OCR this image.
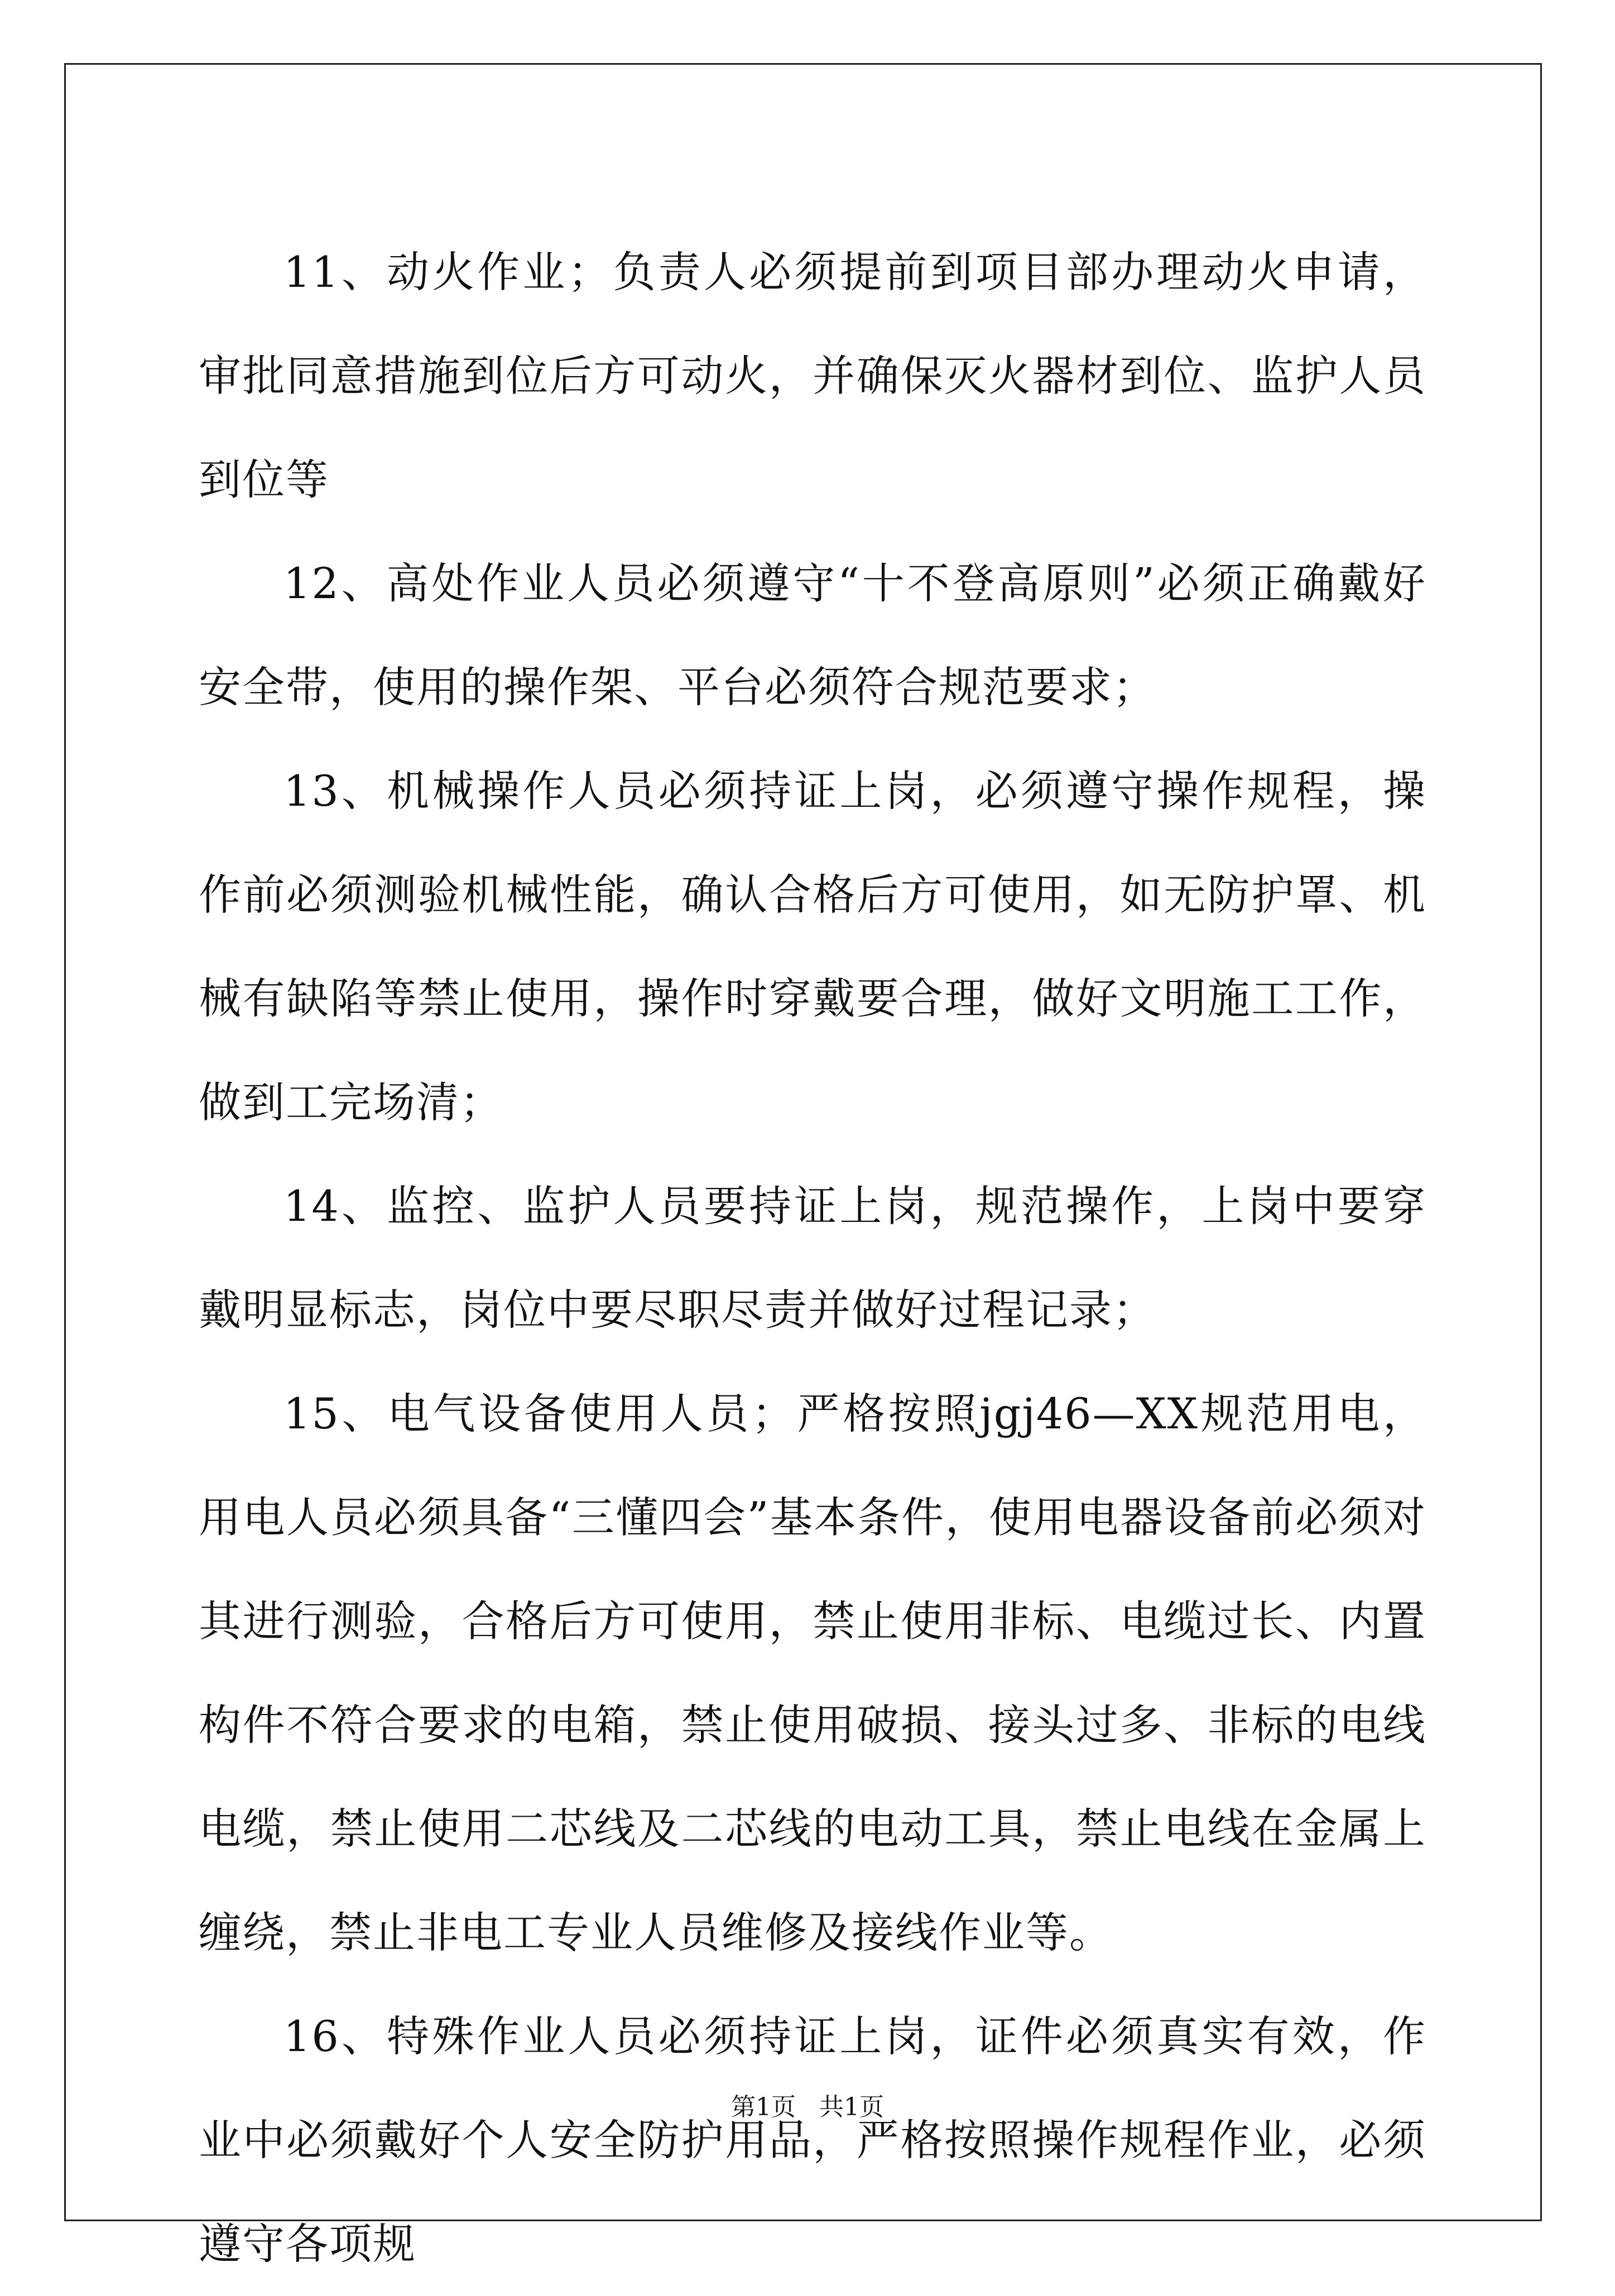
11、动火作业；负责人必须提前到项目部办理动火申请，审批同意措施到位后方可动火，并确保灭火器材到位、监护人员到位等

12、高处作业人员必须遵守“十不登高原则”必须正确戴好安全带，使用的操作架、平台必须符合规范要求；

13、机械操作人员必须持证上岗，必须遵守操作规程，操作前必须测验机械性能，确认合格后方可使用，如无防护罩、机械有缺陷等禁止使用，操作时穿戴要合理，做好文明施工工作，做到工完场清；

14、监控、监护人员要持证上岗，规范操作，上岗中要穿戴明显标志，岗位中要尽职尽责并做好过程记录；

15、电气设备使用人员；严格按照jgj46—XX规范用电，用电人员必须具备“三懂四会”基本条件，使用电器设备前必须对其进行测验，合格后方可使用，禁止使用非标、电缆过长、内置构件不符合要求的电箱，禁止使用破损、接头过多、非标的电线电缆，禁止使用二芯线及二芯线的电动工具，禁止电线在金属上缠绕，禁止非电工专业人员维修及接线作业等。

16、特殊作业人员必须持证上岗，证件必须真实有效，作业中必须戴好个人安全防护用品，严格按照操作规程作业，必须遵守各项规

第1页   共1页
